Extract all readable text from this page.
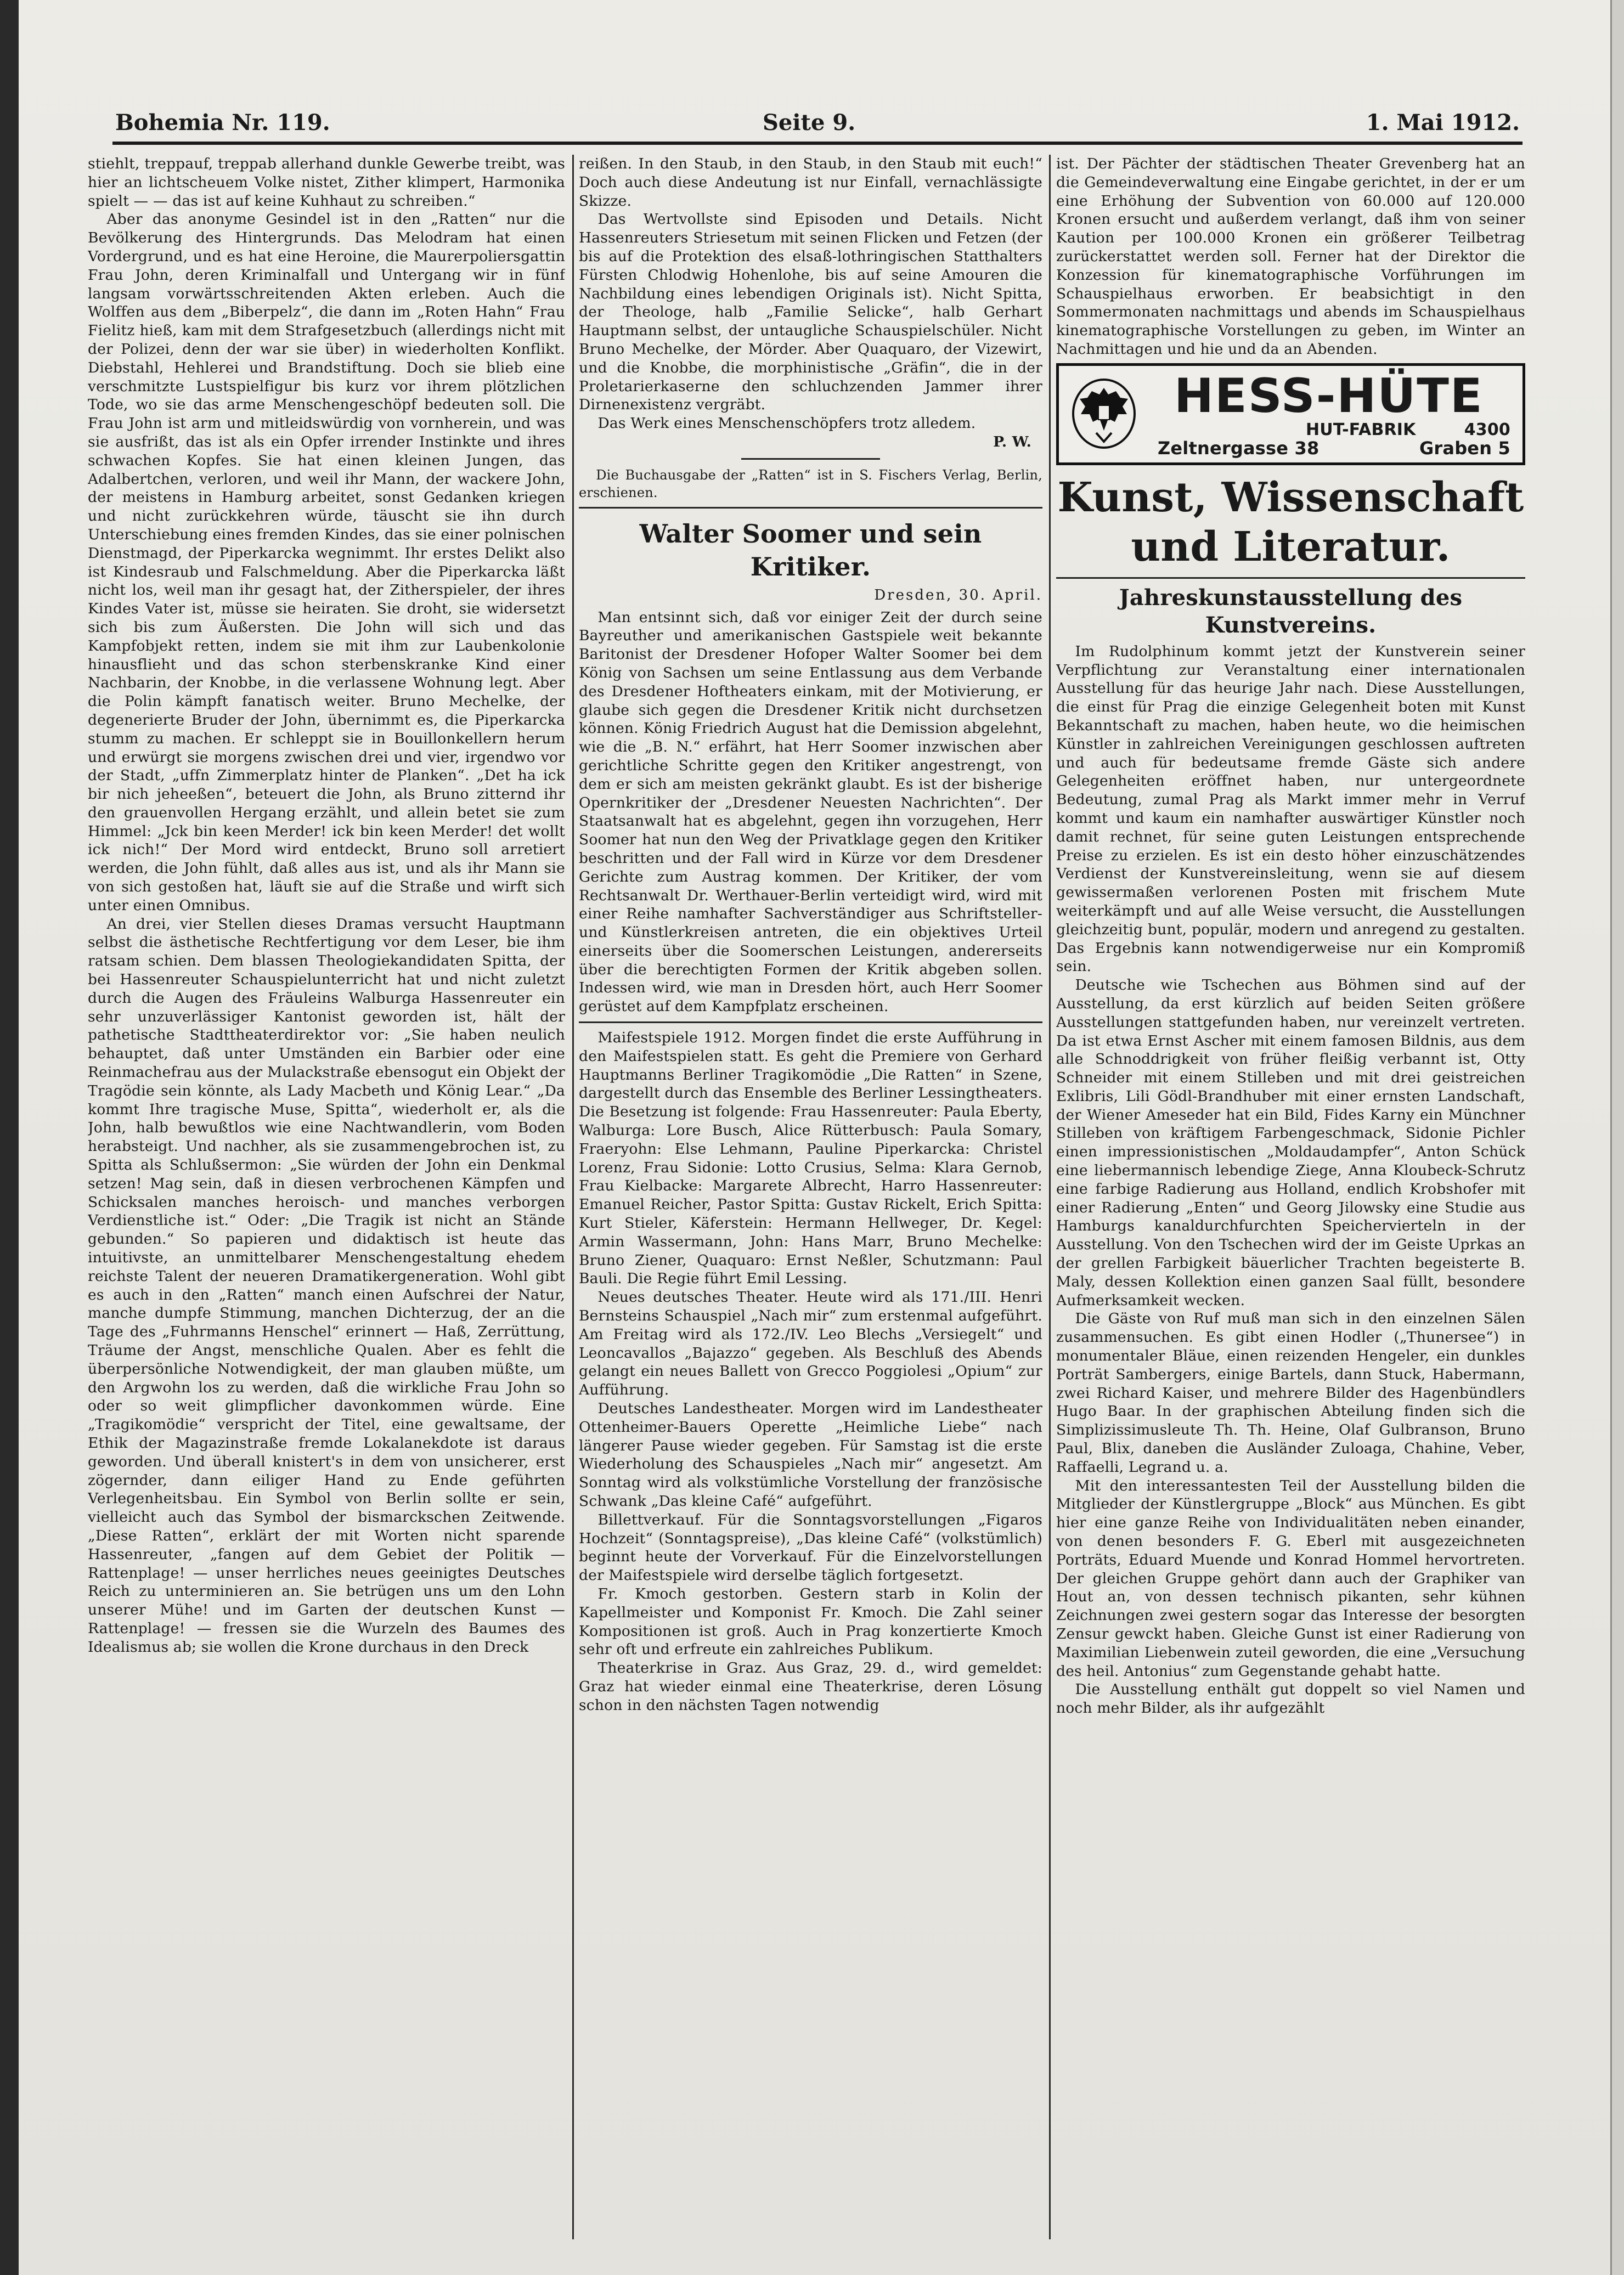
Bohemia Nr. 119.	Seite 9.	1. Mai 1912.

stiehlt, treppauf, treppab allerhand dunkle Gewerbe treibt, was hier an lichtscheuem Volke nistet, Zither klimpert, Harmonika spielt — — das ist auf keine Kuhhaut zu schreiben.“

Aber das anonyme Gesindel ist in den „Ratten“ nur die Bevölkerung des Hintergrunds. Das Melodram hat einen Vordergrund, und es hat eine Heroine, die Maurerpoliersgattin Frau John, deren Kriminalfall und Untergang wir in fünf langsam vorwärtsschreitenden Akten erleben. Auch die Wolffen aus dem „Biberpelz“, die dann im „Roten Hahn“ Frau Fielitz hieß, kam mit dem Strafgesetzbuch (allerdings nicht mit der Polizei, denn der war sie über) in wiederholten Konflikt. Diebstahl, Hehlerei und Brandstiftung. Doch sie blieb eine verschmitzte Lustspielfigur bis kurz vor ihrem plötzlichen Tode, wo sie das arme Menschengeschöpf bedeuten soll. Die Frau John ist arm und mitleidswürdig von vornherein, und was sie ausfrißt, das ist als ein Opfer irrender Instinkte und ihres schwachen Kopfes. Sie hat einen kleinen Jungen, das Adalbertchen, verloren, und weil ihr Mann, der wackere John, der meistens in Hamburg arbeitet, sonst Gedanken kriegen und nicht zurückkehren würde, täuscht sie ihn durch Unterschiebung eines fremden Kindes, das sie einer polnischen Dienstmagd, der Piperkarcka wegnimmt. Ihr erstes Delikt also ist Kindesraub und Falschmeldung. Aber die Piperkarcka läßt nicht los, weil man ihr gesagt hat, der Zitherspieler, der ihres Kindes Vater ist, müsse sie heiraten. Sie droht, sie widersetzt sich bis zum Äußersten. Die John will sich und das Kampfobjekt retten, indem sie mit ihm zur Laubenkolonie hinausflieht und das schon sterbenskranke Kind einer Nachbarin, der Knobbe, in die verlassene Wohnung legt. Aber die Polin kämpft fanatisch weiter. Bruno Mechelke, der degenerierte Bruder der John, übernimmt es, die Piperkarcka stumm zu machen. Er schleppt sie in Bouillonkellern herum und erwürgt sie morgens zwischen drei und vier, irgendwo vor der Stadt, „uffn Zimmerplatz hinter de Planken“. „Det ha ick bir nich jeheeßen“, beteuert die John, als Bruno zitternd ihr den grauenvollen Hergang erzählt, und allein betet sie zum Himmel: „Jck bin keen Merder! ick bin keen Merder! det wollt ick nich!“ Der Mord wird entdeckt, Bruno soll arretiert werden, die John fühlt, daß alles aus ist, und als ihr Mann sie von sich gestoßen hat, läuft sie auf die Straße und wirft sich unter einen Omnibus.

An drei, vier Stellen dieses Dramas versucht Hauptmann selbst die ästhetische Rechtfertigung vor dem Leser, bie ihm ratsam schien. Dem blassen Theologiekandidaten Spitta, der bei Hassenreuter Schauspielunterricht hat und nicht zuletzt durch die Augen des Fräuleins Walburga Hassenreuter ein sehr unzuverlässiger Kantonist geworden ist, hält der pathetische Stadttheaterdirektor vor: „Sie haben neulich behauptet, daß unter Umständen ein Barbier oder eine Reinmachefrau aus der Mulackstraße ebensogut ein Objekt der Tragödie sein könnte, als Lady Macbeth und König Lear.“ „Da kommt Ihre tragische Muse, Spitta“, wiederholt er, als die John, halb bewußtlos wie eine Nachtwandlerin, vom Boden herabsteigt. Und nachher, als sie zusammengebrochen ist, zu Spitta als Schlußsermon: „Sie würden der John ein Denkmal setzen! Mag sein, daß in diesen verbrochenen Kämpfen und Schicksalen manches heroisch- und manches verborgen Verdienstliche ist.“ Oder: „Die Tragik ist nicht an Stände gebunden.“ So papieren und didaktisch ist heute das intuitivste, an unmittelbarer Menschengestaltung ehedem reichste Talent der neueren Dramatikergeneration. Wohl gibt es auch in den „Ratten“ manch einen Aufschrei der Natur, manche dumpfe Stimmung, manchen Dichterzug, der an die Tage des „Fuhrmanns Henschel“ erinnert — Haß, Zerrüttung, Träume der Angst, menschliche Qualen. Aber es fehlt die überpersönliche Notwendigkeit, der man glauben müßte, um den Argwohn los zu werden, daß die wirkliche Frau John so oder so weit glimpflicher davonkommen würde. Eine „Tragikomödie“ verspricht der Titel, eine gewaltsame, der Ethik der Magazinstraße fremde Lokalanekdote ist daraus geworden. Und überall knistert's in dem von unsicherer, erst zögernder, dann eiliger Hand zu Ende geführten Verlegenheitsbau. Ein Symbol von Berlin sollte er sein, vielleicht auch das Symbol der bismarckschen Zeitwende. „Diese Ratten“, erklärt der mit Worten nicht sparende Hassenreuter, „fangen auf dem Gebiet der Politik — Rattenplage! — unser herrliches neues geeinigtes Deutsches Reich zu unterminieren an. Sie betrügen uns um den Lohn unserer Mühe! und im Garten der deutschen Kunst — Rattenplage! — fressen sie die Wurzeln des Baumes des Idealismus ab; sie wollen die Krone durchaus in den Dreck

reißen. In den Staub, in den Staub, in den Staub mit euch!“ Doch auch diese Andeutung ist nur Einfall, vernachlässigte Skizze.

Das Wertvollste sind Episoden und Details. Nicht Hassenreuters Striesetum mit seinen Flicken und Fetzen (der bis auf die Protektion des elsaß-lothringischen Statthalters Fürsten Chlodwig Hohenlohe, bis auf seine Amouren die Nachbildung eines lebendigen Originals ist). Nicht Spitta, der Theologe, halb „Familie Selicke“, halb Gerhart Hauptmann selbst, der untaugliche Schauspielschüler. Nicht Bruno Mechelke, der Mörder. Aber Quaquaro, der Vizewirt, und die Knobbe, die morphinistische „Gräfin“, die in der Proletarierkaserne den schluchzenden Jammer ihrer Dirnenexistenz vergräbt.

Das Werk eines Menschenschöpfers trotz alledem.

P. W.

Die Buchausgabe der „Ratten“ ist in S. Fischers Verlag, Berlin, erschienen.

Walter Soomer und sein Kritiker.
Dresden, 30. April.

Man entsinnt sich, daß vor einiger Zeit der durch seine Bayreuther und amerikanischen Gastspiele weit bekannte Baritonist der Dresdener Hofoper Walter Soomer bei dem König von Sachsen um seine Entlassung aus dem Verbande des Dresdener Hoftheaters einkam, mit der Motivierung, er glaube sich gegen die Dresdener Kritik nicht durchsetzen können. König Friedrich August hat die Demission abgelehnt, wie die „B. N.“ erfährt, hat Herr Soomer inzwischen aber gerichtliche Schritte gegen den Kritiker angestrengt, von dem er sich am meisten gekränkt glaubt. Es ist der bisherige Opernkritiker der „Dresdener Neuesten Nachrichten“. Der Staatsanwalt hat es abgelehnt, gegen ihn vorzugehen, Herr Soomer hat nun den Weg der Privatklage gegen den Kritiker beschritten und der Fall wird in Kürze vor dem Dresdener Gerichte zum Austrag kommen. Der Kritiker, der vom Rechtsanwalt Dr. Werthauer-Berlin verteidigt wird, wird mit einer Reihe namhafter Sachverständiger aus Schriftsteller- und Künstlerkreisen antreten, die ein objektives Urteil einerseits über die Soomerschen Leistungen, andererseits über die berechtigten Formen der Kritik abgeben sollen. Indessen wird, wie man in Dresden hört, auch Herr Soomer gerüstet auf dem Kampfplatz erscheinen.

Maifestspiele 1912. Morgen findet die erste Aufführung in den Maifestspielen statt. Es geht die Premiere von Gerhard Hauptmanns Berliner Tragikomödie „Die Ratten“ in Szene, dargestellt durch das Ensemble des Berliner Lessingtheaters. Die Besetzung ist folgende: Frau Hassenreuter: Paula Eberty, Walburga: Lore Busch, Alice Rütterbusch: Paula Somary, Fraeryohn: Else Lehmann, Pauline Piperkarcka: Christel Lorenz, Frau Sidonie: Lotto Crusius, Selma: Klara Gernob, Frau Kielbacke: Margarete Albrecht, Harro Hassenreuter: Emanuel Reicher, Pastor Spitta: Gustav Rickelt, Erich Spitta: Kurt Stieler, Käferstein: Hermann Hellweger, Dr. Kegel: Armin Wassermann, John: Hans Marr, Bruno Mechelke: Bruno Ziener, Quaquaro: Ernst Neßler, Schutzmann: Paul Bauli. Die Regie führt Emil Lessing.

Neues deutsches Theater. Heute wird als 171./III. Henri Bernsteins Schauspiel „Nach mir“ zum erstenmal aufgeführt. Am Freitag wird als 172./IV. Leo Blechs „Versiegelt“ und Leoncavallos „Bajazzo“ gegeben. Als Beschluß des Abends gelangt ein neues Ballett von Grecco Poggiolesi „Opium“ zur Aufführung.

Deutsches Landestheater. Morgen wird im Landestheater Ottenheimer-Bauers Operette „Heimliche Liebe“ nach längerer Pause wieder gegeben. Für Samstag ist die erste Wiederholung des Schauspieles „Nach mir“ angesetzt. Am Sonntag wird als volkstümliche Vorstellung der französische Schwank „Das kleine Café“ aufgeführt.

Billettverkauf. Für die Sonntagsvorstellungen „Figaros Hochzeit“ (Sonntagspreise), „Das kleine Café“ (volkstümlich) beginnt heute der Vorverkauf. Für die Einzelvorstellungen der Maifestspiele wird derselbe täglich fortgesetzt.

Fr. Kmoch gestorben. Gestern starb in Kolin der Kapellmeister und Komponist Fr. Kmoch. Die Zahl seiner Kompositionen ist groß. Auch in Prag konzertierte Kmoch sehr oft und erfreute ein zahlreiches Publikum.

Theaterkrise in Graz. Aus Graz, 29. d., wird gemeldet: Graz hat wieder einmal eine Theaterkrise, deren Lösung schon in den nächsten Tagen notwendig

ist. Der Pächter der städtischen Theater Grevenberg hat an die Gemeindeverwaltung eine Eingabe gerichtet, in der er um eine Erhöhung der Subvention von 60.000 auf 120.000 Kronen ersucht und außerdem verlangt, daß ihm von seiner Kaution per 100.000 Kronen ein größerer Teilbetrag zurückerstattet werden soll. Ferner hat der Direktor die Konzession für kinematographische Vorführungen im Schauspielhaus erworben. Er beabsichtigt in den Sommermonaten nachmittags und abends im Schauspielhaus kinematographische Vorstellungen zu geben, im Winter an Nachmittagen und hie und da an Abenden.

HESS-HÜTE
HUT-FABRIK	4300
Zeltnergasse 38	Graben 5
Kunst, Wissenschaft und Literatur.
Jahreskunstausstellung des Kunstvereins.

Im Rudolphinum kommt jetzt der Kunstverein seiner Verpflichtung zur Veranstaltung einer internationalen Ausstellung für das heurige Jahr nach. Diese Ausstellungen, die einst für Prag die einzige Gelegenheit boten mit Kunst Bekanntschaft zu machen, haben heute, wo die heimischen Künstler in zahlreichen Vereinigungen geschlossen auftreten und auch für bedeutsame fremde Gäste sich andere Gelegenheiten eröffnet haben, nur untergeordnete Bedeutung, zumal Prag als Markt immer mehr in Verruf kommt und kaum ein namhafter auswärtiger Künstler noch damit rechnet, für seine guten Leistungen entsprechende Preise zu erzielen. Es ist ein desto höher einzuschätzendes Verdienst der Kunstvereinsleitung, wenn sie auf diesem gewissermaßen verlorenen Posten mit frischem Mute weiterkämpft und auf alle Weise versucht, die Ausstellungen gleichzeitig bunt, populär, modern und anregend zu gestalten. Das Ergebnis kann notwendigerweise nur ein Kompromiß sein.

Deutsche wie Tschechen aus Böhmen sind auf der Ausstellung, da erst kürzlich auf beiden Seiten größere Ausstellungen stattgefunden haben, nur vereinzelt vertreten. Da ist etwa Ernst Ascher mit einem famosen Bildnis, aus dem alle Schnoddrigkeit von früher fleißig verbannt ist, Otty Schneider mit einem Stilleben und mit drei geistreichen Exlibris, Lili Gödl-Brandhuber mit einer ernsten Landschaft, der Wiener Ameseder hat ein Bild, Fides Karny ein Münchner Stilleben von kräftigem Farbengeschmack, Sidonie Pichler einen impressionistischen „Moldaudampfer“, Anton Schück eine liebermannisch lebendige Ziege, Anna Kloubeck-Schrutz eine farbige Radierung aus Holland, endlich Krobshofer mit einer Radierung „Enten“ und Georg Jilowsky eine Studie aus Hamburgs kanaldurchfurchten Speichervierteln in der Ausstellung. Von den Tschechen wird der im Geiste Uprkas an der grellen Farbigkeit bäuerlicher Trachten begeisterte B. Maly, dessen Kollektion einen ganzen Saal füllt, besondere Aufmerksamkeit wecken.

Die Gäste von Ruf muß man sich in den einzelnen Sälen zusammensuchen. Es gibt einen Hodler („Thunersee“) in monumentaler Bläue, einen reizenden Hengeler, ein dunkles Porträt Sambergers, einige Bartels, dann Stuck, Habermann, zwei Richard Kaiser, und mehrere Bilder des Hagenbündlers Hugo Baar. In der graphischen Abteilung finden sich die Simplizissimusleute Th. Th. Heine, Olaf Gulbranson, Bruno Paul, Blix, daneben die Ausländer Zuloaga, Chahine, Veber, Raffaelli, Legrand u. a.

Mit den interessantesten Teil der Ausstellung bilden die Mitglieder der Künstlergruppe „Block“ aus München. Es gibt hier eine ganze Reihe von Individualitäten neben einander, von denen besonders F. G. Eberl mit ausgezeichneten Porträts, Eduard Muende und Konrad Hommel hervortreten. Der gleichen Gruppe gehört dann auch der Graphiker van Hout an, von dessen technisch pikanten, sehr kühnen Zeichnungen zwei gestern sogar das Interesse der besorgten Zensur gewckt haben. Gleiche Gunst ist einer Radierung von Maximilian Liebenwein zuteil geworden, die eine „Versuchung des heil. Antonius“ zum Gegenstande gehabt hatte.

Die Ausstellung enthält gut doppelt so viel Namen und noch mehr Bilder, als ihr aufgezählt
